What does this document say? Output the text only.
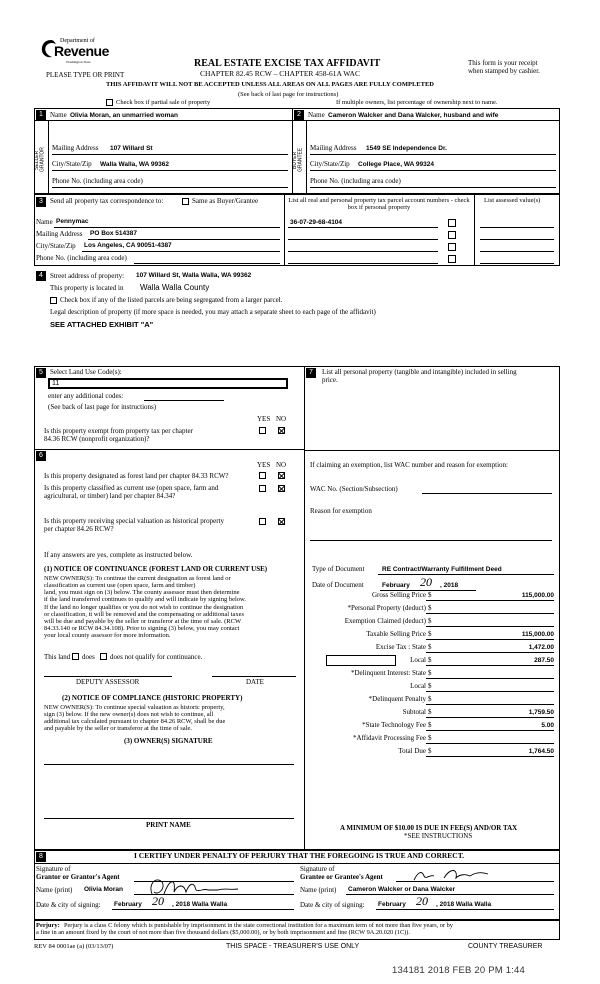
Department of
Revenue
Washington State
PLEASE TYPE OR PRINT
REAL ESTATE EXCISE TAX AFFIDAVIT
CHAPTER 82.45 RCW – CHAPTER 458-61A WAC
THIS AFFIDAVIT WILL NOT BE ACCEPTED UNLESS ALL AREAS ON ALL PAGES ARE FULLY COMPLETED
(See back of last page for instructions)
This form is your receipt
when stamped by cashier.
Check box if partial sale of property	If multiple owners, list percentage of ownership next to name.
1	Name Olivia Moran, an unmarried woman
SELLER
GRANTOR Mailing Address 107 Willard St
City/State/Zip Walla Walla, WA 99362
Phone No. (including area code)
2	Name Cameron Walcker and Dana Walcker, husband and wife
BUYER
GRANTEE Mailing Address 1549 SE Independence Dr.
City/State/Zip College Place, WA 99324
Phone No. (including area code)
3	Send all property tax correspondence to:	Same as Buyer/Grantee
Name Pennymac
Mailing Address PO Box 514387
City/State/Zip Los Angeles, CA 90051-4387
Phone No. (including area code)
List all real and personal property tax parcel account numbers - check box if personal property
List assessed value(s)
36-07-29-68-4104
4	Street address of property: 107 Willard St, Walla Walla, WA 99362
This property is located in Walla Walla County
Check box if any of the listed parcels are being segregated from a larger parcel.
Legal description of property (if more space is needed, you may attach a separate sheet to each page of the affidavit)
SEE ATTACHED EXHIBIT "A"
5	Select Land Use Code(s):
11
enter any additional codes:
(See back of last page for instructions)
YES NO
Is this property exempt from property tax per chapter
84.36 RCW (nonprofit organization)?
6
YES NO
Is this property designated as forest land per chapter 84.33 RCW?
Is this property classified as current use (open space, farm and
agricultural, or timber) land per chapter 84.34?
Is this property receiving special valuation as historical property
per chapter 84.26 RCW?
If any answers are yes, complete as instructed below.
(1) NOTICE OF CONTINUANCE (FOREST LAND OR CURRENT USE)
NEW OWNER(S): To continue the current designation as forest land or
classification as current use (open space, farm and timber)
land, you must sign on (3) below. The county assessor must then determine
if the land transferred continues to qualify and will indicate by signing below.
If the land no longer qualifies or you do not wish to continue the designation
or classification, it will be removed and the compensating or additional taxes
will be due and payable by the seller or transferor at the time of sale. (RCW
84.33.140 or RCW 84.34.108). Prior to signing (3) below, you may contact
your local county assessor for more information.
This land does does not qualify for continuance.
DEPUTY ASSESSOR	DATE
(2) NOTICE OF COMPLIANCE (HISTORIC PROPERTY)
NEW OWNER(S): To continue special valuation as historic property,
sign (3) below. If the new owner(s) does not wish to continue, all
additional tax calculated pursuant to chapter 84.26 RCW, shall be due
and payable by the seller or transferor at the time of sale.
(3) OWNER(S) SIGNATURE
PRINT NAME
7	List all personal property (tangible and intangible) included in selling
price.
If claiming an exemption, list WAC number and reason for exemption:
WAC No. (Section/Subsection)
Reason for exemption
Type of Document	RE Contract/Warranty Fulfillment Deed
Date of Document	February 20 , 2018
Gross Selling Price $	115,000.00
*Personal Property (deduct) $
Exemption Claimed (deduct) $
Taxable Selling Price $	115,000.00
Excise Tax : State $	1,472.00
Local $	287.50
*Delinquent Interest: State $
Local $
*Delinquent Penalty $
Subtotal $	1,759.50
*State Technology Fee $	5.00
*Affidavit Processing Fee $
Total Due $	1,764.50
A MINIMUM OF $10.00 IS DUE IN FEE(S) AND/OR TAX
*SEE INSTRUCTIONS
8	I CERTIFY UNDER PENALTY OF PERJURY THAT THE FOREGOING IS TRUE AND CORRECT.
Signature of
Grantor or Grantor's Agent
Name (print) Olivia Moran
Date & city of signing: February 20 , 2018 Walla Walla
Signature of
Grantee or Grantee's Agent
Name (print) Cameron Walcker or Dana Walcker
Date & city of signing: February 20 , 2018 Walla Walla
Perjury: Perjury is a class C felony which is punishable by imprisonment in the state correctional institution for a maximum term of not more than five years, or by
a fine in an amount fixed by the court of not more than five thousand dollars ($5,000.00), or by both imprisonment and fine (RCW 9A.20.020 (1C)).
REV 84 0001ae (a) (03/13/07)	THIS SPACE - TREASURER'S USE ONLY	COUNTY TREASURER
134181 2018 FEB 20 PM 1:44
